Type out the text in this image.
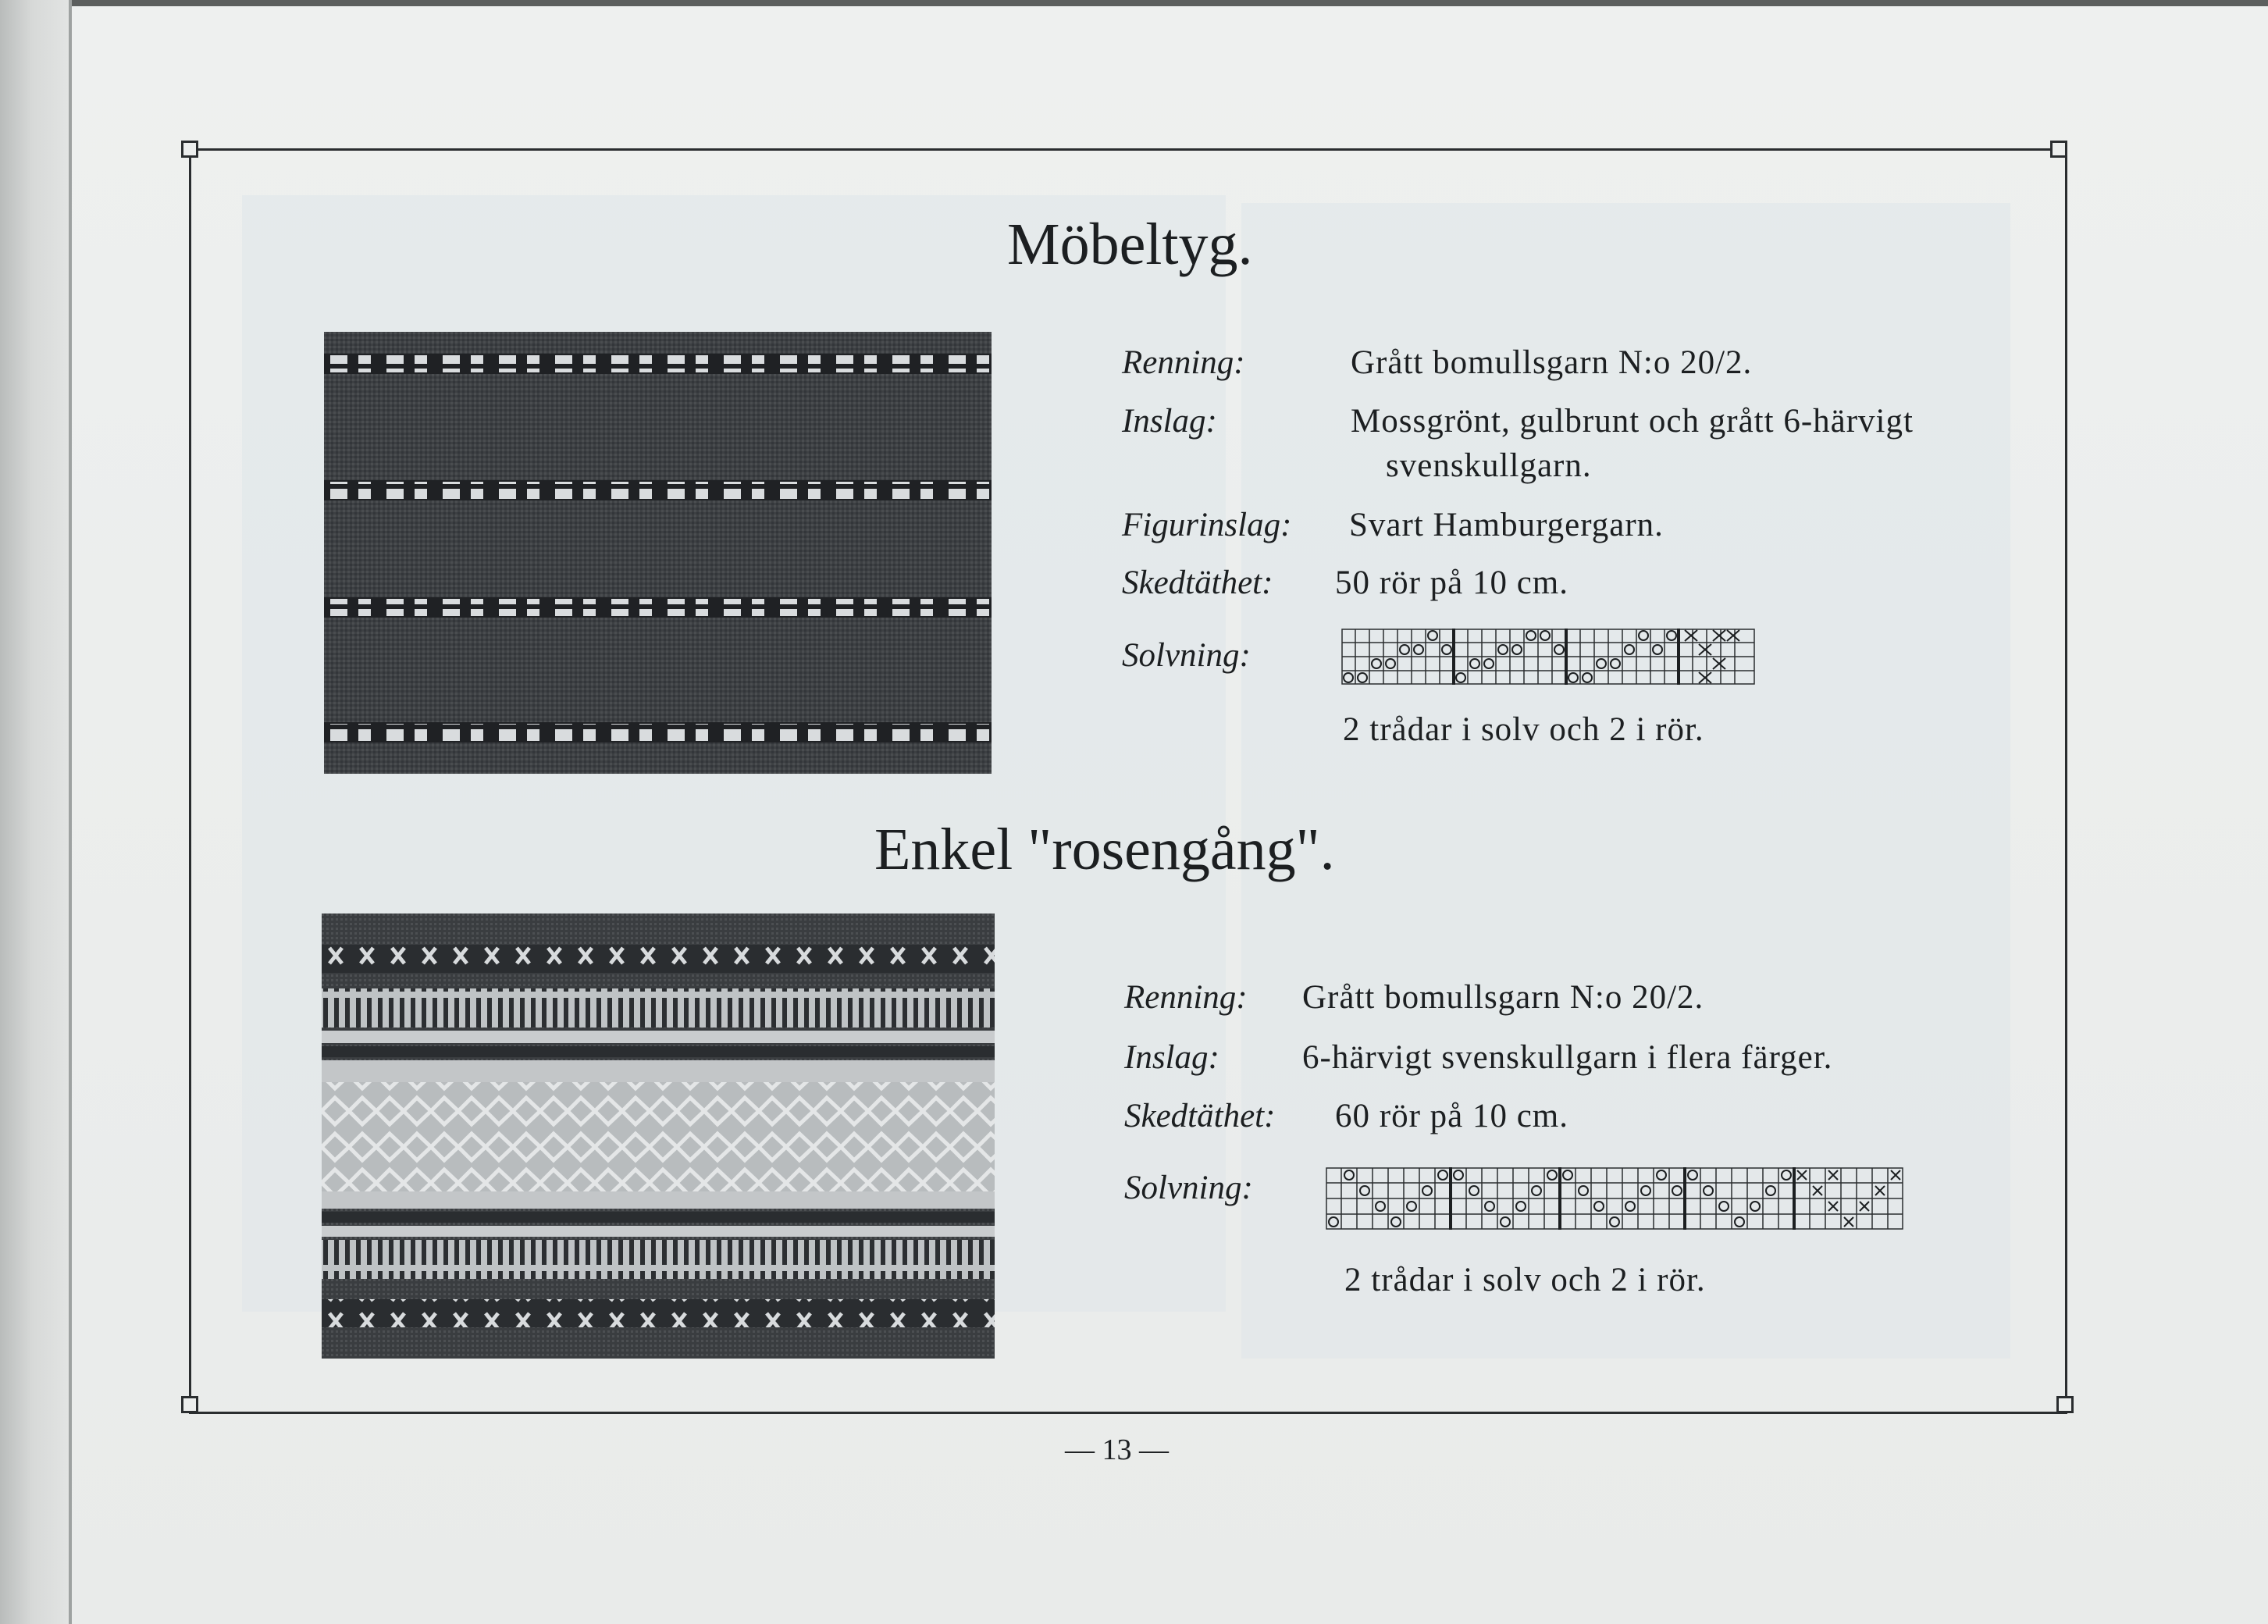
Möbeltyg.
Renning:	Grått bomullsgarn N:o 20/2.
Inslag:	Mossgrönt, gulbrunt och grått 6-härvigt
svenskullgarn.
Figurinslag: Svart Hamburgergarn.
Skedtäthet: 50 rör på 10 cm.
Solvning:
2 trådar i solv och 2 i rör.
Enkel "rosengång".
Renning: Grått bomullsgarn N:o 20/2.
Inslag: 6-härvigt svenskullgarn i flera färger.
Skedtäthet: 60 rör på 10 cm.
Solvning:
2 trådar i solv och 2 i rör.
— 13 —
